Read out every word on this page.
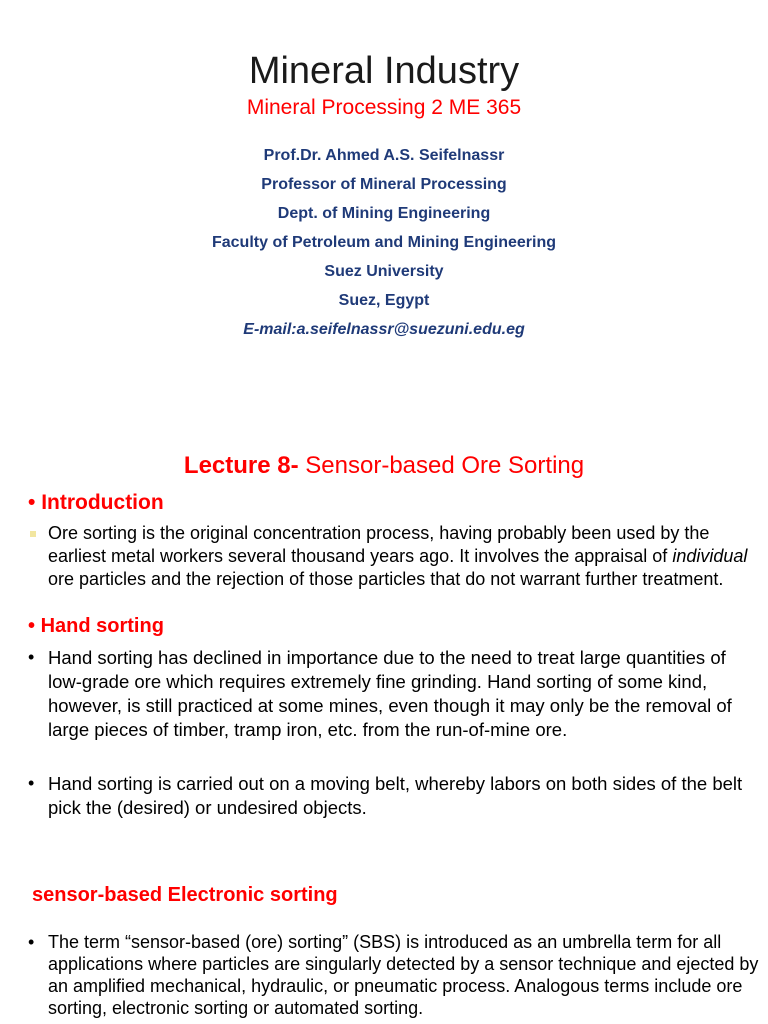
Mineral Industry
Mineral Processing 2 ME 365
Prof.Dr. Ahmed A.S. Seifelnassr
Professor of Mineral Processing
Dept. of Mining Engineering
Faculty of Petroleum and Mining Engineering
Suez University
Suez, Egypt
E-mail:a.seifelnassr@suezuni.edu.eg
Lecture 8- Sensor-based Ore Sorting
• Introduction
Ore sorting is the original concentration process, having probably been used by the earliest metal workers several thousand years ago. It involves the appraisal of individual ore particles and the rejection of those particles that do not warrant further treatment.
• Hand sorting
• Hand sorting has declined in importance due to the need to treat large quantities of low-grade ore which requires extremely fine grinding. Hand sorting of some kind, however, is still practiced at some mines, even though it may only be the removal of large pieces of timber, tramp iron, etc. from the run-of-mine ore.
• Hand sorting is carried out on a moving belt, whereby labors on both sides of the belt pick the (desired) or undesired objects.
sensor-based Electronic sorting
• The term “sensor-based (ore) sorting” (SBS) is introduced as an umbrella term for all applications where particles are singularly detected by a sensor technique and ejected by an amplified mechanical, hydraulic, or pneumatic process. Analogous terms include ore sorting, electronic sorting or automated sorting.
